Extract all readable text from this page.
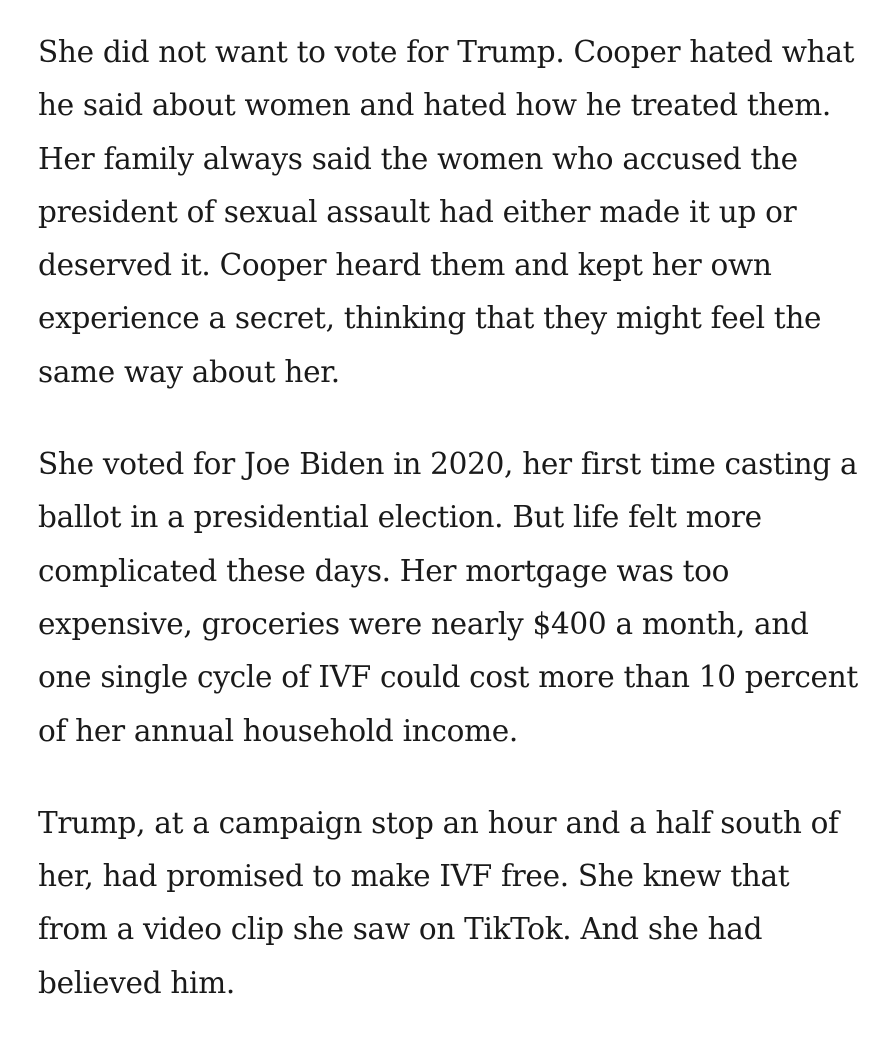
She did not want to vote for Trump. Cooper hated what
he said about women and hated how he treated them.
Her family always said the women who accused the
president of sexual assault had either made it up or
deserved it. Cooper heard them and kept her own
experience a secret, thinking that they might feel the
same way about her.

She voted for Joe Biden in 2020, her first time casting a
ballot in a presidential election. But life felt more
complicated these days. Her mortgage was too
expensive, groceries were nearly $400 a month, and
one single cycle of IVF could cost more than 10 percent
of her annual household income.

Trump, at a campaign stop an hour and a half south of
her, had promised to make IVF free. She knew that
from a video clip she saw on TikTok. And she had
believed him.
